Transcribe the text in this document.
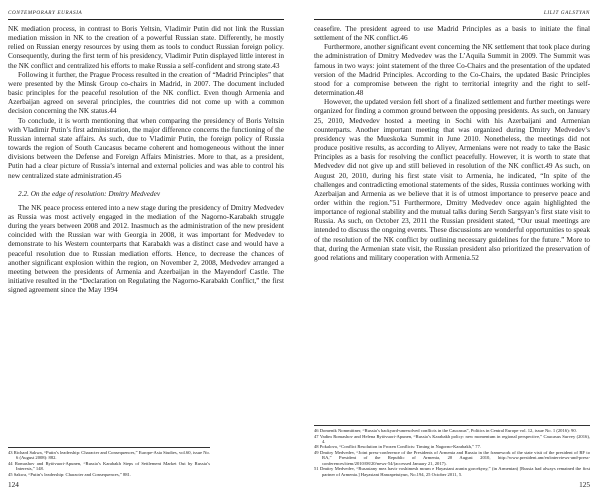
CONTEMPORARY EURASIA

NK mediation process, in contrast to Boris Yeltsin, Vladimir Putin did not link the Russian mediation mission in NK to the creation of a powerful Russian state. Differently, he mostly relied on Russian energy resources by using them as tools to conduct Russian foreign policy. Consequently, during the first term of his presidency, Vladimir Putin displayed little interest in the NK conflict and centralized his efforts to make Russia a self-confident and strong state.43

Following it further, the Prague Process resulted in the creation of “Madrid Principles” that were presented by the Minsk Group co-chairs in Madrid, in 2007. The document included basic principles for the peaceful resolution of the NK conflict. Even though Armenia and Azerbaijan agreed on several principles, the countries did not come up with a common decision concerning the NK status.44

To conclude, it is worth mentioning that when comparing the presidency of Boris Yeltsin with Vladimir Putin’s first administration, the major difference concerns the functioning of the Russian internal state affairs. As such, due to Vladimir Putin, the foreign policy of Russia towards the region of South Caucasus became coherent and homogeneous without the inner divisions between the Defense and Foreign Affairs Ministries. More to that, as a president, Putin had a clear picture of Russia’s internal and external policies and was able to control his new centralized state administration.45

2.2. On the edge of resolution: Dmitry Medvedev

The NK peace process entered into a new stage during the presidency of Dmitry Medvedev as Russia was most actively engaged in the mediation of the Nagorno-Karabakh struggle during the years between 2008 and 2012. Inasmuch as the administration of the new president coincided with the Russian war with Georgia in 2008, it was important for Medvedev to demonstrate to his Western counterparts that Karabakh was a distinct case and would have a peaceful resolution due to Russian mediation efforts. Hence, to decrease the chances of another significant explosion within the region, on November 2, 2008, Medvedev arranged a meeting between the presidents of Armenia and Azerbaijan in the Mayendorf Castle. The initiative resulted in the “Declaration on Regulating the Nagorno-Karabakh Conflict,” the first signed agreement since the May 1994

43 Richard Sakwa, “Putin’s leadership: Character and Consequences,” Europe-Asia Studies, vol.60, issue No. 6 (August 2008): 882.
44 Romashov and Rytövuori-Apunen, “Russia’s Karabakh Steps of Settlement Market Out by Russia’s Interests,” 148.
45 Sakwa, “Putin’s leadership: Character and Consequences,” 881.
124
LILIT GALSTYAN

ceasefire. The president agreed to use Madrid Principles as a basis to initiate the final settlement of the NK conflict.46

Furthermore, another significant event concerning the NK settlement that took place during the administration of Dmitry Medvedev was the L’Aquila Summit in 2009. The Summit was famous in two ways: joint statement of the three Co-Chairs and the presentation of the updated version of the Madrid Principles. According to the Co-Chairs, the updated Basic Principles stood for a compromise between the right to territorial integrity and the right to self-determination.48

However, the updated version fell short of a finalized settlement and further meetings were organized for finding a common ground between the opposing presidents. As such, on January 25, 2010, Medvedev hosted a meeting in Sochi with his Azerbaijani and Armenian counterparts. Another important meeting that was organized during Dmitry Medvedev’s presidency was the Mueskoka Summit in June 2010. Nonetheless, the meetings did not produce positive results, as according to Aliyev, Armenians were not ready to take the Basic Principles as a basis for resolving the conflict peacefully. However, it is worth to state that Medvedev did not give up and still believed in resolution of the NK conflict.49 As such, on August 20, 2010, during his first state visit to Armenia, he indicated, “In spite of the challenges and contradicting emotional statements of the sides, Russia continues working with Azerbaijan and Armenia as we believe that it is of utmost importance to preserve peace and order within the region.”51 Furthermore, Dmitry Medvedev once again highlighted the importance of regional stability and the mutual talks during Serzh Sargsyan’s first state visit to Russia. As such, on October 23, 2011 the Russian president stated, “Our usual meetings are intended to discuss the ongoing events. These discussions are wonderful opportunities to speak of the resolution of the NK conflict by outlining necessary guidelines for the future.” More to that, during the Armenian state visit, the Russian president also prioritized the preservation of good relations and military cooperation with Armenia.52

46 Domenik Nommittner, “Russia’s backyard-unresolved conflicts in the Caucasus”, Politics in Central Europe vol. 12, issue No. 1 (2016): 90.
47 Vadim Romashov and Helena Rytövuori-Apunen, “Russia’s Karabakh policy: new momentum in regional perspective,” Caucasus Survey (2016), 4.
48 Pokalova, “Conflict Resolution in Frozen Conflicts: Timing in Nagorno-Karabakh,” 77.
49 Dmitry Medvedev, “Joint press-conference of the Presidents of Armenia and Russia in the framework of the state visit of the president of RF to RA,” President of the Republic of Armenia, 20 August 2010, http://www.president.am/en/interviews-and-press-conferences/item/2010/08/20/news-54/(accessed January 21, 2017).
51 Dmitry Medvedev, “Rusastany mez havir voshimesh mrum e Hayastani aranin gorcekyny,” (in Armenian) [Russia had always remained the first partner of Armenia.] Hayastani Hanrapetutyun, No.194, 25 October 2011, 5.
125
